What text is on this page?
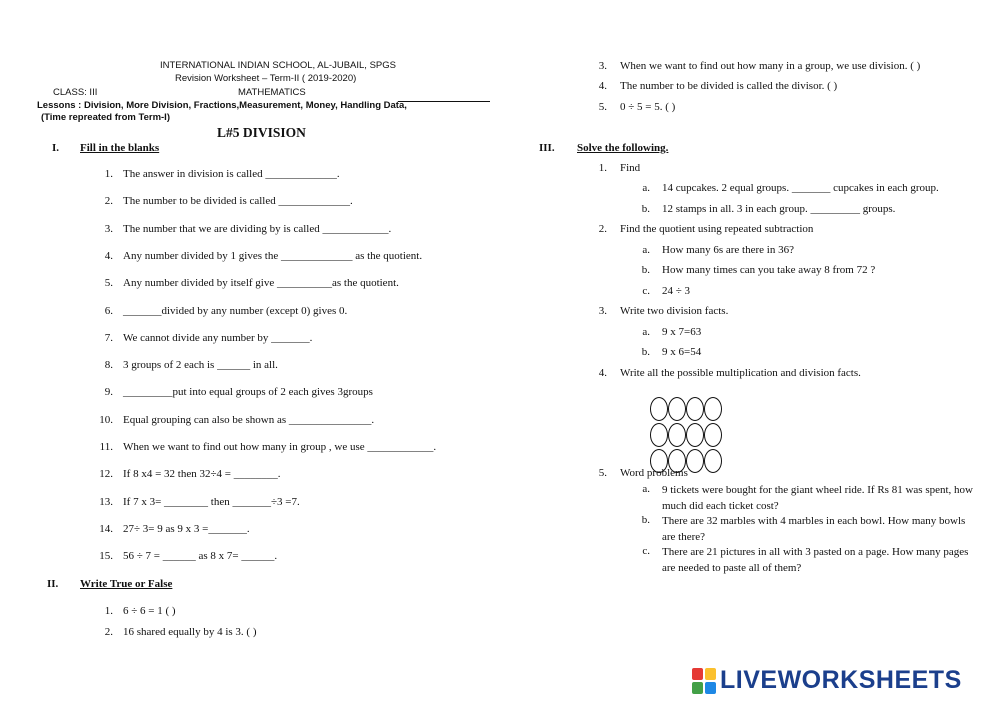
INTERNATIONAL INDIAN SCHOOL, AL-JUBAIL, SPGS
Revision Worksheet – Term-II ( 2019-2020)
CLASS: III	MATHEMATICS
Lessons : Division, More Division, Fractions,Measurement, Money, Handling Data,
(Time repreated from Term-I)
L#5 DIVISION
I. Fill in the blanks
1. The answer in division is called _____________.
2. The number to be divided is called _____________.
3. The number that we are dividing by is called ____________.
4. Any number divided by 1 gives the _____________ as the quotient.
5. Any number divided by itself give __________as the quotient.
6. _______divided by any number (except 0) gives 0.
7. We cannot divide any number by _______.
8. 3 groups of 2 each is ______ in all.
9. _________put into equal groups of 2 each gives 3groups
10. Equal grouping can also be shown as _______________.
11. When we want to find out how many in group , we use ____________.
12. If 8 x4 = 32 then 32÷4 = ________.
13. If 7 x 3= ________ then _______÷3 =7.
14. 27÷ 3= 9 as 9 x 3 =_______.
15. 56 ÷ 7 = ______ as 8 x 7= ______.
II. Write True or False
1. 6 ÷ 6 = 1 ( )
2. 16 shared equally by 4 is 3. ( )
3. When we want to find out how many in a group, we use division. ( )
4. The number to be divided is called the divisor. ( )
5. 0 ÷ 5 = 5. ( )
III. Solve the following.
1. Find
a. 14 cupcakes. 2 equal groups. _______ cupcakes in each group.
b. 12 stamps in all. 3 in each group. _________ groups.
2. Find the quotient using repeated subtraction
a. How many 6s are there in 36?
b. How many times can you take away 8 from 72 ?
c. 24 ÷ 3
3. Write two division facts.
a. 9 x 7=63
b. 9 x 6=54
4. Write all the possible multiplication and division facts.
5. Word problems
a. 9 tickets were bought for the giant wheel ride. If Rs 81 was spent, how much did each ticket cost?
b. There are 32 marbles with 4 marbles in each bowl. How many bowls are there?
c. There are 21 pictures in all with 3 pasted on a page. How many pages are needed to paste all of them?
LIVEWORKSHEETS
